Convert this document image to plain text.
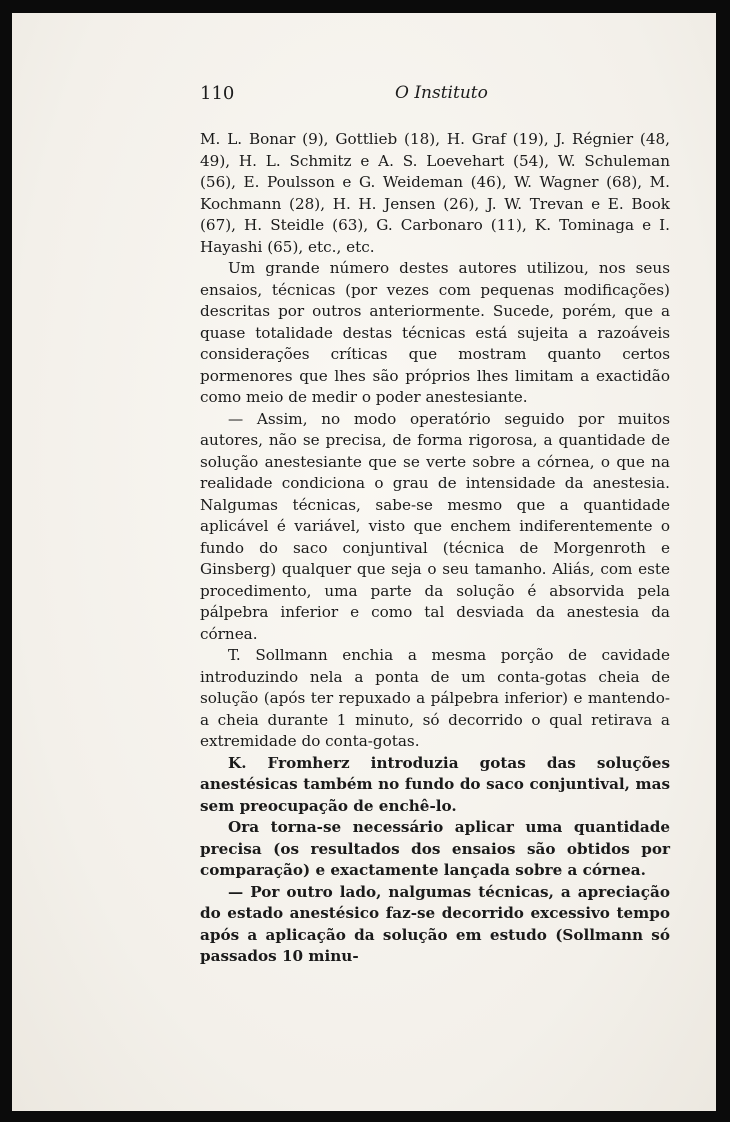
110	O Instituto

M. L. Bonar (9), Gottlieb (18), H. Graf (19), J. Régnier (48, 49), H. L. Schmitz e A. S. Loevehart (54), W. Schuleman (56), E. Poulsson e G. Weideman (46), W. Wagner (68), M. Kochmann (28), H. H. Jensen (26), J. W. Trevan e E. Book (67), H. Steidle (63), G. Carbonaro (11), K. Tominaga e I. Hayashi (65), etc., etc.

Um grande número destes autores utilizou, nos seus ensaios, técnicas (por vezes com pequenas modificações) descritas por outros anteriormente. Sucede, porém, que a quase totalidade destas técnicas está sujeita a razoáveis considerações críticas que mostram quanto certos pormenores que lhes são próprios lhes limitam a exactidão como meio de medir o poder anestesiante.

— Assim, no modo operatório seguido por muitos autores, não se precisa, de forma rigorosa, a quantidade de solução anestesiante que se verte sobre a córnea, o que na realidade condiciona o grau de intensidade da anestesia. Nalgumas técnicas, sabe-se mesmo que a quantidade aplicável é variável, visto que enchem indiferentemente o fundo do saco conjuntival (técnica de Morgenroth e Ginsberg) qualquer que seja o seu tamanho. Aliás, com este procedimento, uma parte da solução é absorvida pela pálpebra inferior e como tal desviada da anestesia da córnea.

T. Sollmann enchia a mesma porção de cavidade introduzindo nela a ponta de um conta-gotas cheia de solução (após ter repuxado a pálpebra inferior) e mantendo-a cheia durante 1 minuto, só decorrido o qual retirava a extremidade do conta-gotas.

K. Fromherz introduzia gotas das soluções anestésicas também no fundo do saco conjuntival, mas sem preocupação de enchê-lo.

Ora torna-se necessário aplicar uma quantidade precisa (os resultados dos ensaios são obtidos por comparação) e exactamente lançada sobre a córnea.

— Por outro lado, nalgumas técnicas, a apreciação do estado anestésico faz-se decorrido excessivo tempo após a aplicação da solução em estudo (Sollmann só passados 10 minu-
